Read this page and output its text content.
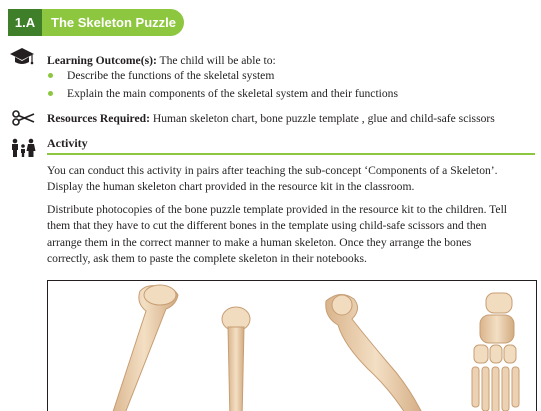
1.A	The Skeleton Puzzle
Learning Outcome(s): The child will be able to:
Describe the functions of the skeletal system
Explain the main components of the skeletal system and their functions
Resources Required: Human skeleton chart, bone puzzle template , glue and child-safe scissors
Activity
You can conduct this activity in pairs after teaching the sub-concept ‘Components of a Skeleton’.
Display the human skeleton chart provided in the resource kit in the classroom.
Distribute photocopies of the bone puzzle template provided in the resource kit to the children. Tell
them that they have to cut the different bones in the template using child-safe scissors and then
arrange them in the correct manner to make a human skeleton. Once they arrange the bones
correctly, ask them to paste the complete skeleton in their notebooks.
